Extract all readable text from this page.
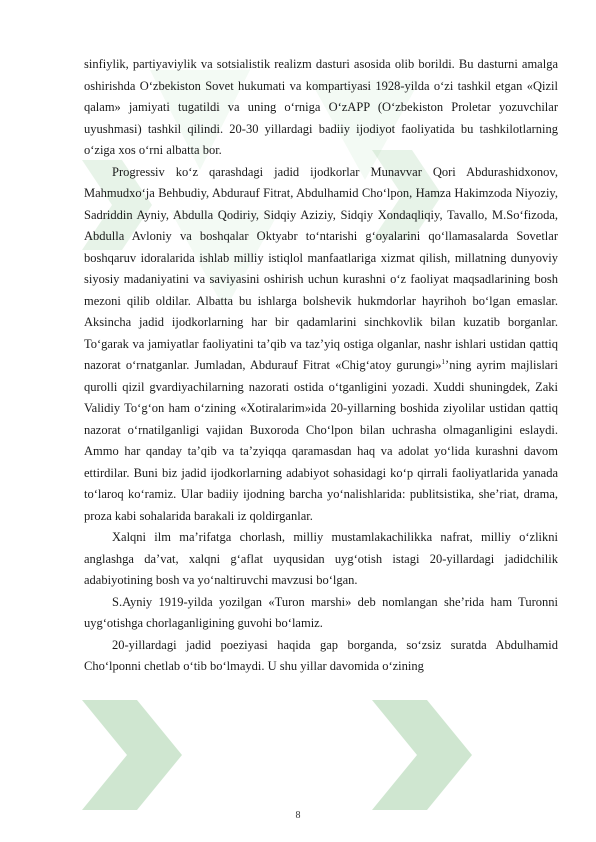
sinfiylik, partiyaviylik va sotsialistik realizm dasturi asosida olib borildi. Bu dasturni amalga oshirishda O‘zbekiston Sovet hukumati va kompartiyasi 1928-yilda o‘zi tashkil etgan «Qizil qalam» jamiyati tugatildi va uning o‘rniga O‘zAPP (O‘zbekiston Proletar yozuvchilar uyushmasi) tashkil qilindi. 20-30 yillardagi badiiy ijodiyot faoliyatida bu tashkilotlarning o‘ziga xos o‘rni albatta bor.

Progressiv ko‘z qarashdagi jadid ijodkorlar Munavvar Qori Abdurashidxonov, Mahmudxo‘ja Behbudiy, Abdurauf Fitrat, Abdulhamid Cho‘lpon, Hamza Hakimzoda Niyoziy, Sadriddin Ayniy, Abdulla Qodiriy, Sidqiy Aziziy, Sidqiy Xondaqliqiy, Tavallo, M.So‘fizoda, Abdulla Avloniy va boshqalar Oktyabr to‘ntarishi g‘oyalarini qo‘llamasalarda Sovetlar boshqaruv idoralarida ishlab milliy istiqlol manfaatlariga xizmat qilish, millatning dunyoviy siyosiy madaniyatini va saviyasini oshirish uchun kurashni o‘z faoliyat maqsadlarining bosh mezoni qilib oldilar. Albatta bu ishlarga bolshevik hukmdorlar hayrihoh bo‘lgan emaslar. Aksincha jadid ijodkorlarning har bir qadamlarini sinchkovlik bilan kuzatib borganlar. To‘garak va jamiyatlar faoliyatini ta’qib va taz’yiq ostiga olganlar, nashr ishlari ustidan qattiq nazorat o‘rnatganlar. Jumladan, Abdurauf Fitrat «Chig‘atoy gurungi»$^1$’ning ayrim majlislari qurolli qizil gvardiyachilarning nazorati ostida o‘tganligini yozadi. Xuddi shuningdek, Zaki Validiy To‘g‘on ham o‘zining «Xotiralarim»ida 20-yillarning boshida ziyolilar ustidan qattiq nazorat o‘rnatilganligi vajidan Buxoroda Cho‘lpon bilan uchrasha olmaganligini eslaydi. Ammo har qanday ta’qib va ta’zyiqqa qaramasdan haq va adolat yo‘lida kurashni davom ettirdilar. Buni biz jadid ijodkorlarning adabiyot sohasidagi ko‘p qirrali faoliyatlarida yanada to‘laroq ko‘ramiz. Ular badiiy ijodning barcha yo‘nalishlarida: publitsistika, she’riat, drama, proza kabi sohalarida barakali iz qoldirganlar.

Xalqni ilm ma’rifatga chorlash, milliy mustamlakachilikka nafrat, milliy o‘zlikni anglashga da’vat, xalqni g‘aflat uyqusidan uyg‘otish istagi 20-yillardagi jadidchilik adabiyotining bosh va yo‘naltiruvchi mavzusi bo‘lgan.

S.Ayniy 1919-yilda yozilgan «Turon marshi» deb nomlangan she’rida ham Turonni uyg‘otishga chorlaganligining guvohi bo‘lamiz.

20-yillardagi jadid poeziyasi haqida gap borganda, so‘zsiz suratda Abdulhamid Cho‘lponni chetlab o‘tib bo‘lmaydi. U shu yillar davomida o‘zining

8
